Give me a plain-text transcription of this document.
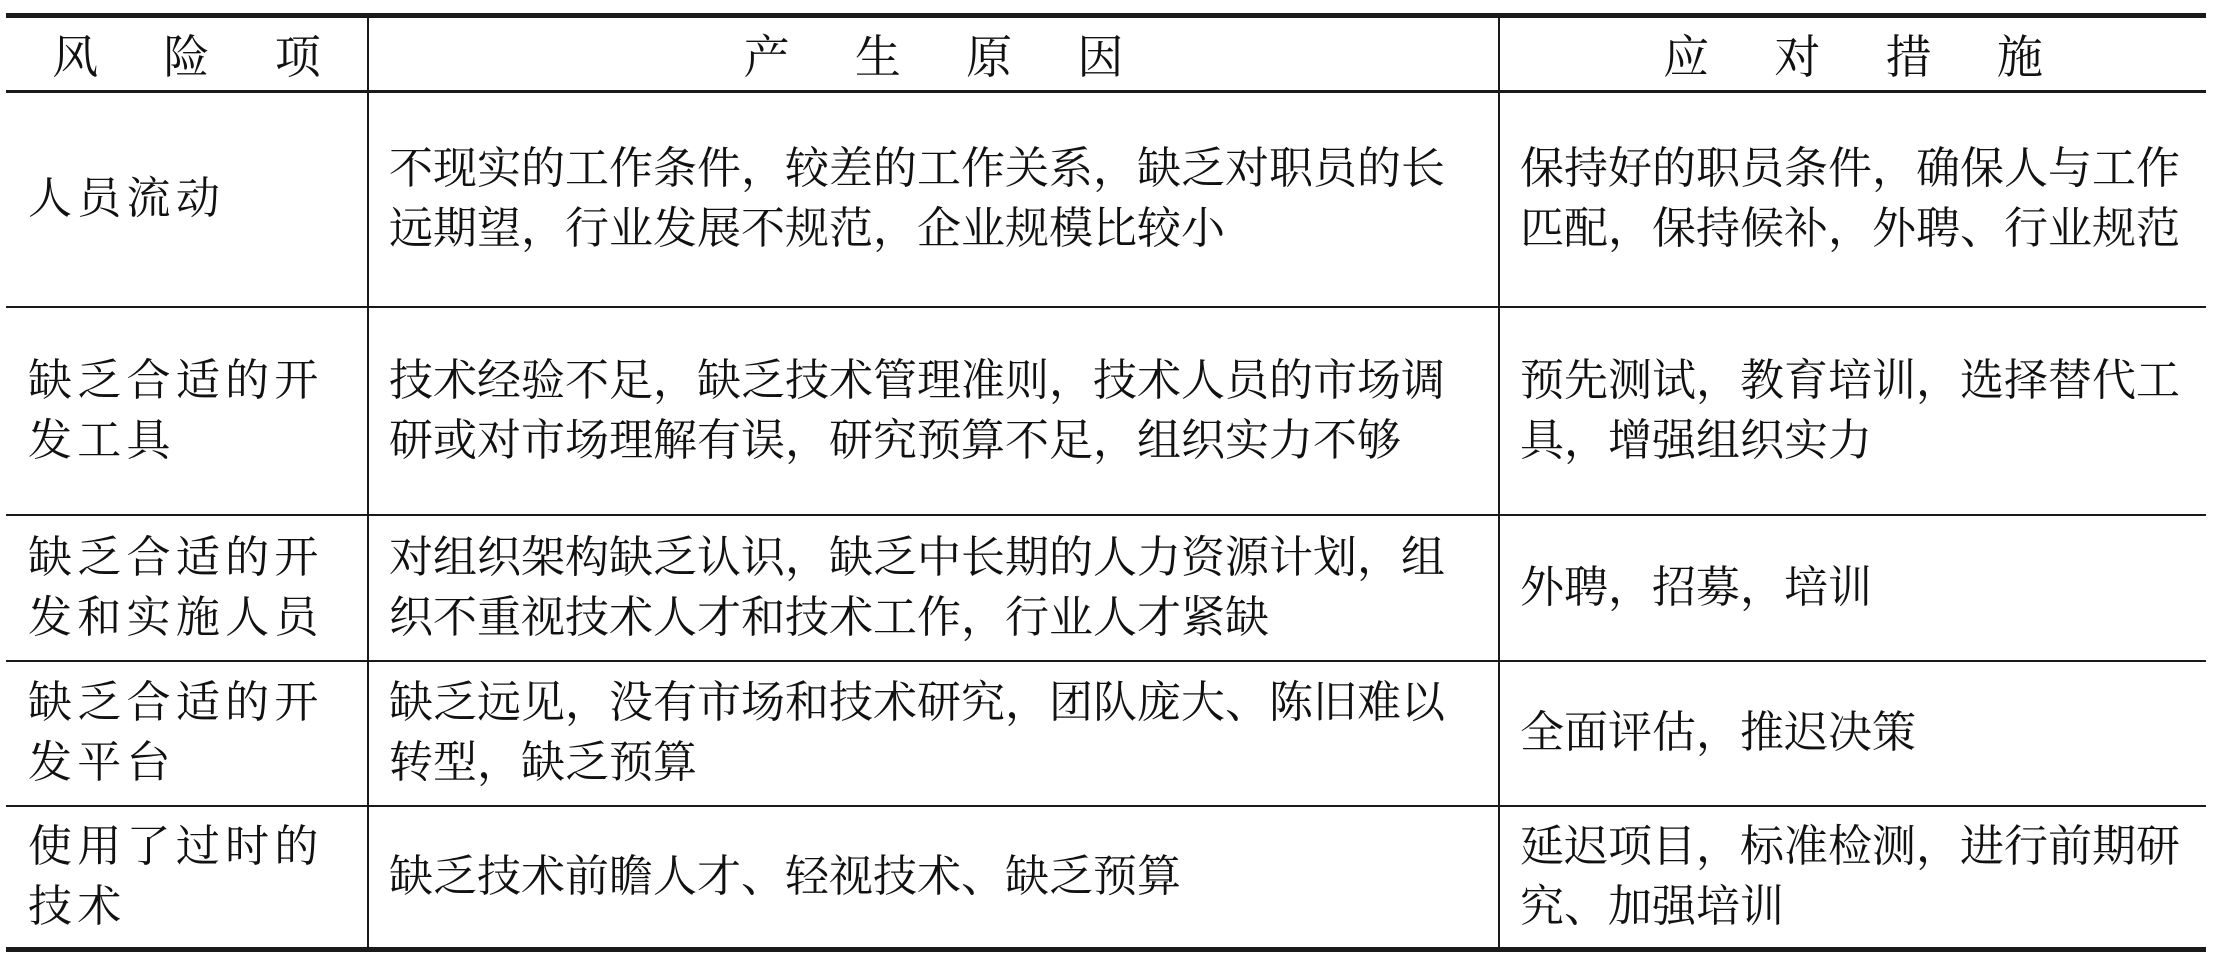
风 险 项	产 生 原 因	应 对 措 施
人员流动	不现实的工作条件，较差的工作关系，缺乏对职员的长远期望，行业发展不规范，企业规模比较小	保持好的职员条件，确保人与工作匹配，保持候补，外聘、行业规范
缺乏合适的开发工具	技术经验不足，缺乏技术管理准则，技术人员的市场调研或对市场理解有误，研究预算不足，组织实力不够	预先测试，教育培训，选择替代工具，增强组织实力
缺乏合适的开发和实施人员	对组织架构缺乏认识，缺乏中长期的人力资源计划，组织不重视技术人才和技术工作，行业人才紧缺	外聘，招募，培训
缺乏合适的开发平台	缺乏远见，没有市场和技术研究，团队庞大、陈旧难以转型，缺乏预算	全面评估，推迟决策
使用了过时的技术	缺乏技术前瞻人才、轻视技术、缺乏预算	延迟项目，标准检测，进行前期研究、加强培训
